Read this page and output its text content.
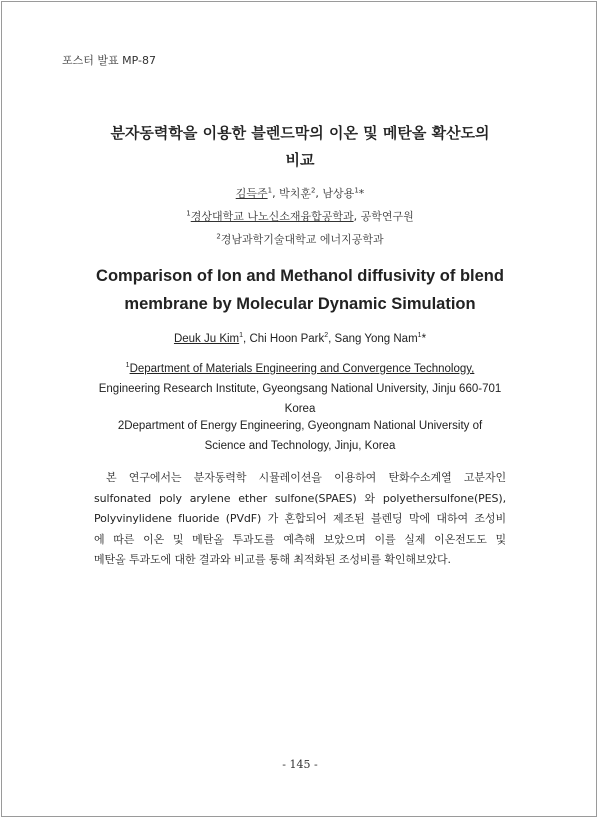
포스터 발표 MP-87
분자동력학을 이용한 블렌드막의 이온 및 메탄올 확산도의
비교
김득주$^1$, 박치훈$^2$, 남상용$^1$*
$^1$경상대학교 나노신소재융합공학과, 공학연구원
$^2$경남과학기술대학교 에너지공학과
Comparison of Ion and Methanol diffusivity of blend
membrane by Molecular Dynamic Simulation
Deuk Ju Kim$^1$, Chi Hoon Park$^2$, Sang Yong Nam$^1$*
$^1$Department of Materials Engineering and Convergence Technology,
Engineering Research Institute, Gyeongsang National University, Jinju 660-701
Korea
2Department of Energy Engineering, Gyeongnam National University of
Science and Technology, Jinju, Korea
본 연구에서는 분자동력학 시뮬레이션을 이용하여 탄화수소계열 고분자인
sulfonated poly arylene ether sulfone(SPAES) 와 polyethersulfone(PES),
Polyvinylidene fluoride (PVdF) 가 혼합되어 제조된 블렌딩 막에 대하여 조성비
에 따른 이온 및 메탄올 투과도를 예측해 보았으며 이를 실제 이온전도도 및
메탄올 투과도에 대한 결과와 비교를 통해 최적화된 조성비를 확인해보았다.
- 145 -
